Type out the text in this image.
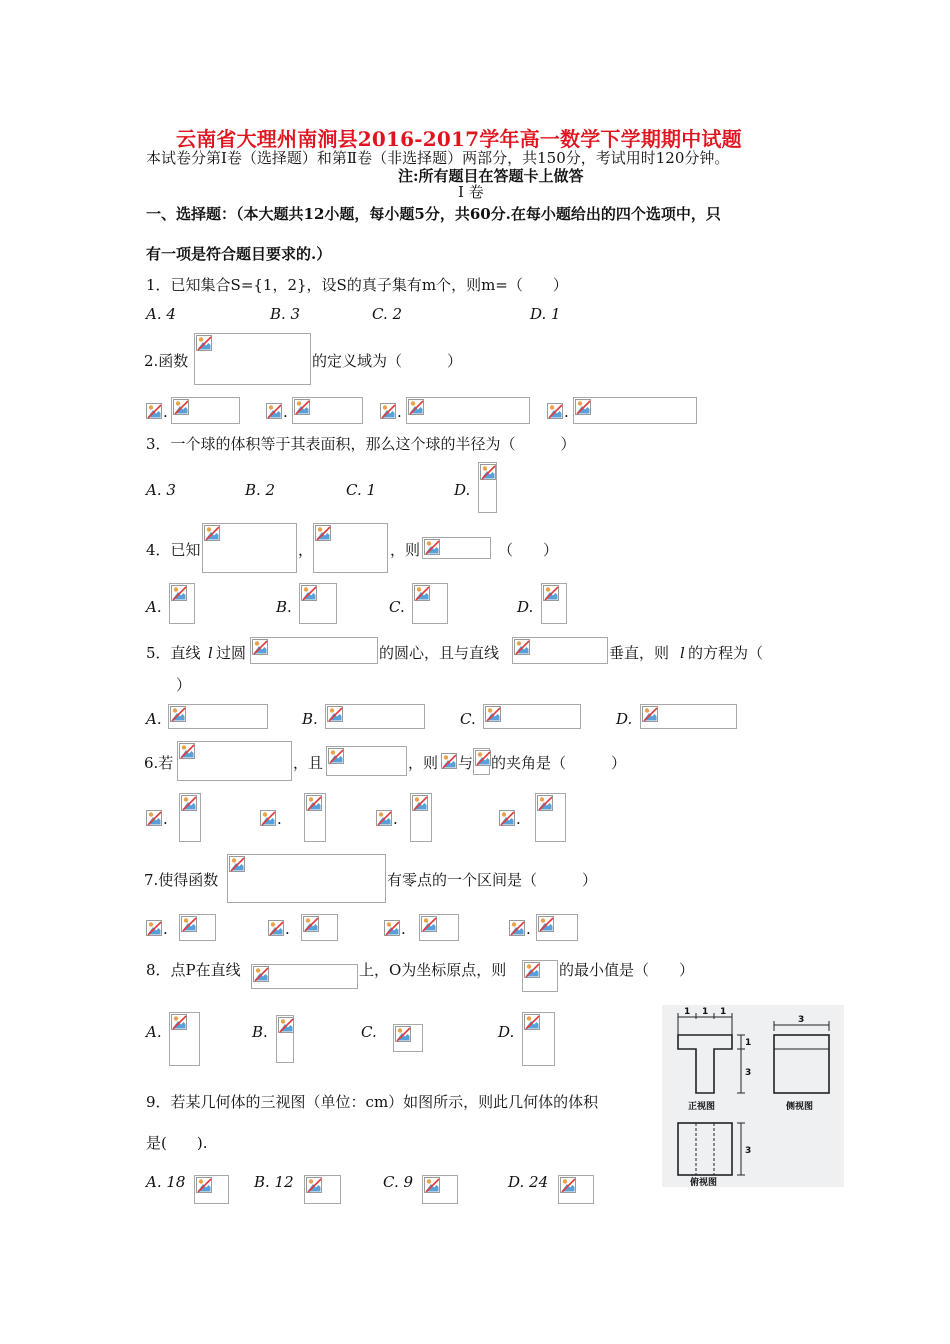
云南省大理州南涧县2016-2017学年高一数学下学期期中试题
本试卷分第Ⅰ卷（选择题）和第Ⅱ卷（非选择题）两部分，共150分，考试用时120分钟。
注:所有题目在答题卡上做答
Ⅰ 卷
一、选择题：（本大题共12小题，每小题5分，共60分.在每小题给出的四个选项中，只
有一项是符合题目要求的.）
1．已知集合S={1，2}，设S的真子集有m个，则m=（　　）
A. 4	B. 3	C. 2	D. 1
2.函数	的定义域为（　　　）
.	.	.	.
3．一个球的体积等于其表面积，那么这个球的半径为（　　　）
A. 3	B. 2	C. 1	D.
4．已知	，	，则	（　　）
A.	B.	C.	D.
5．直线 l 过圆	的圆心，且与直线	垂直，则 l 的方程为（
）
A.	B.	C.	D.
6.若	，且	，则 与 的夹角是（　　　）
.	.	.	.
7.使得函数	有零点的一个区间是（　　　）
.	.	.	.
8．点P在直线	上，O为坐标原点，则	的最小值是（　　）
A.	B.	C.	D.
9．若某几何体的三视图（单位：cm）如图所示，则此几何体的体积
是(　　).
A. 18	B. 12	C. 9	D. 24
1 1 1
3
1
3
3
正视图	侧视图
俯视图
